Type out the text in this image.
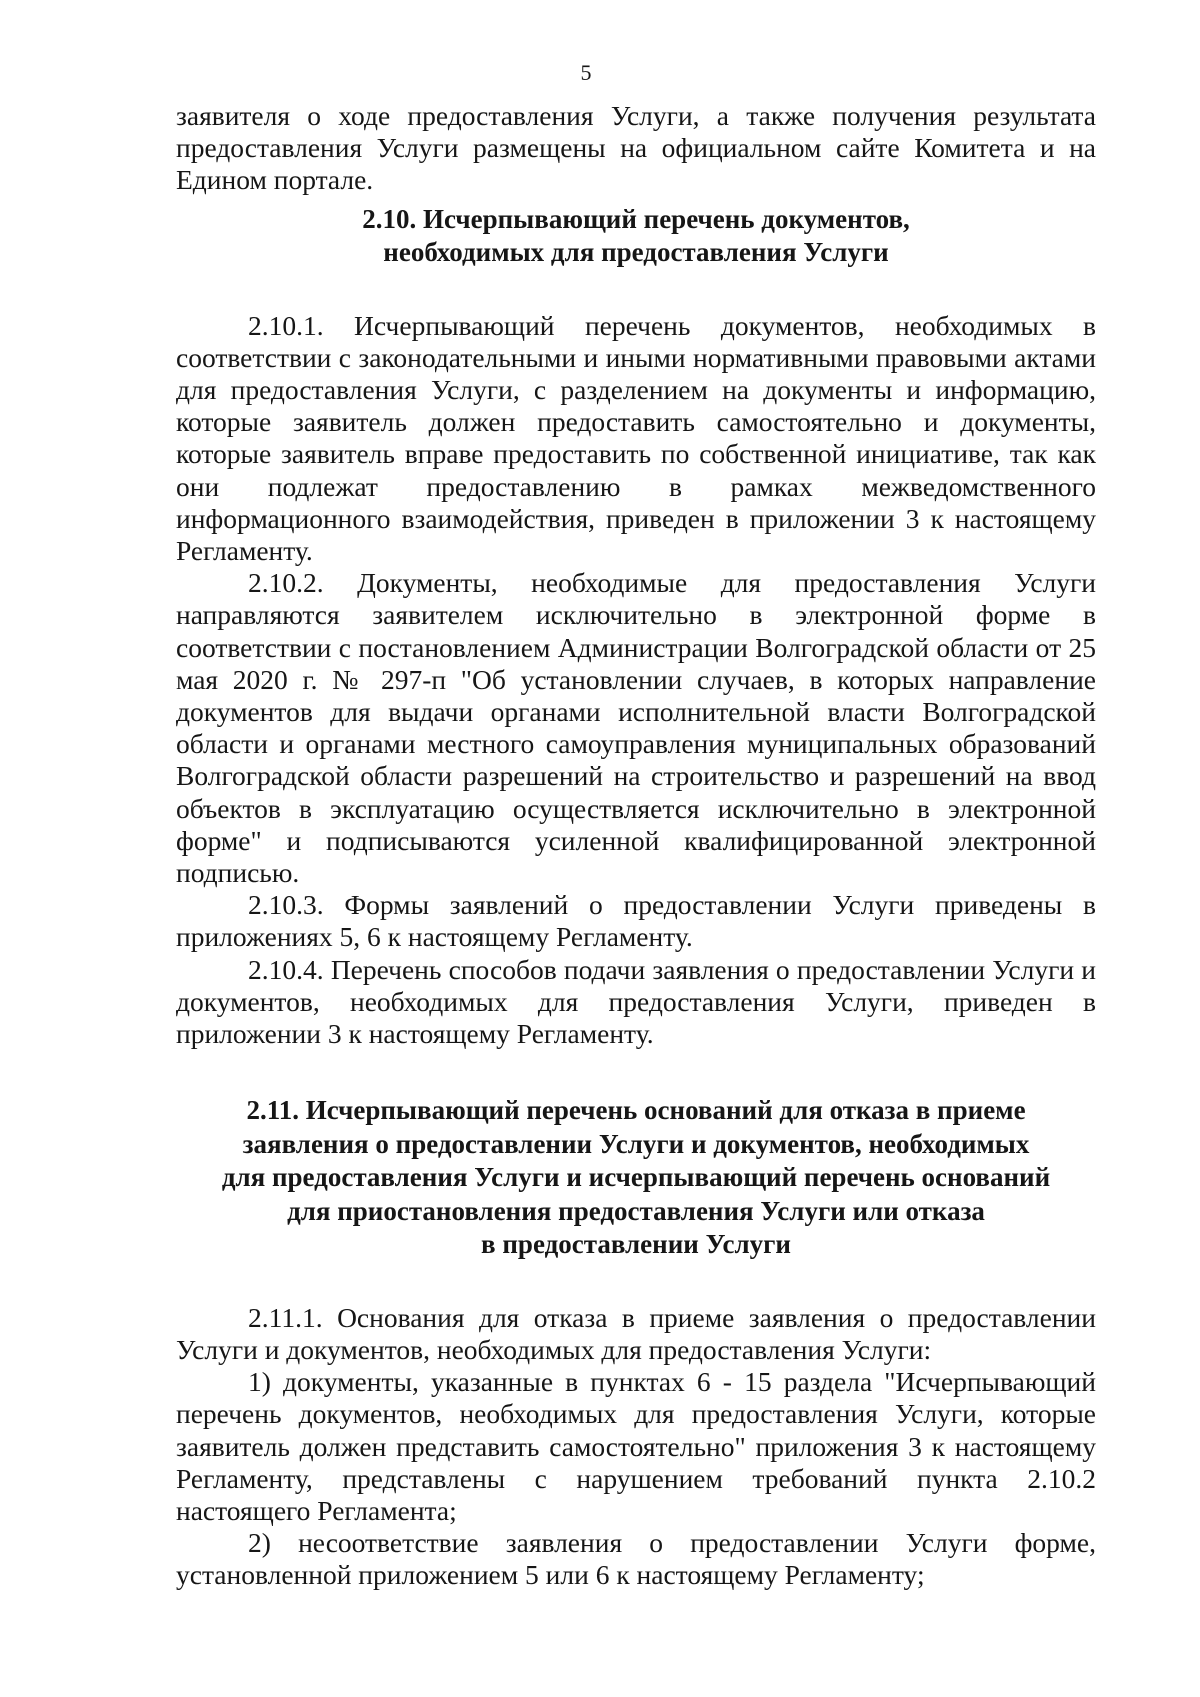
5

заявителя о ходе предоставления Услуги, а также получения результата предоставления Услуги размещены на официальном сайте Комитета и на Едином портале.

2.10. Исчерпывающий перечень документов,
необходимых для предоставления Услуги

2.10.1. Исчерпывающий перечень документов, необходимых в соответствии с законодательными и иными нормативными правовыми актами для предоставления Услуги, с разделением на документы и информацию, которые заявитель должен предоставить самостоятельно и документы, которые заявитель вправе предоставить по собственной инициативе, так как они подлежат предоставлению в рамках межведомственного информационного взаимодействия, приведен в приложении 3 к настоящему Регламенту.

2.10.2. Документы, необходимые для предоставления Услуги направляются заявителем исключительно в электронной форме в соответствии с постановлением Администрации Волгоградской области от 25 мая 2020 г. № 297-п "Об установлении случаев, в которых направление документов для выдачи органами исполнительной власти Волгоградской области и органами местного самоуправления муниципальных образований Волгоградской области разрешений на строительство и разрешений на ввод объектов в эксплуатацию осуществляется исключительно в электронной форме" и подписываются усиленной квалифицированной электронной подписью.

2.10.3. Формы заявлений о предоставлении Услуги приведены в приложениях 5, 6 к настоящему Регламенту.

2.10.4. Перечень способов подачи заявления о предоставлении Услуги и документов, необходимых для предоставления Услуги, приведен в приложении 3 к настоящему Регламенту.

2.11. Исчерпывающий перечень оснований для отказа в приеме
заявления о предоставлении Услуги и документов, необходимых
для предоставления Услуги и исчерпывающий перечень оснований
для приостановления предоставления Услуги или отказа
в предоставлении Услуги

2.11.1. Основания для отказа в приеме заявления о предоставлении Услуги и документов, необходимых для предоставления Услуги:

1) документы, указанные в пунктах 6 - 15 раздела "Исчерпывающий перечень документов, необходимых для предоставления Услуги, которые заявитель должен представить самостоятельно" приложения 3 к настоящему Регламенту, представлены с нарушением требований пункта 2.10.2 настоящего Регламента;

2) несоответствие заявления о предоставлении Услуги форме, установленной приложением 5 или 6 к настоящему Регламенту;
